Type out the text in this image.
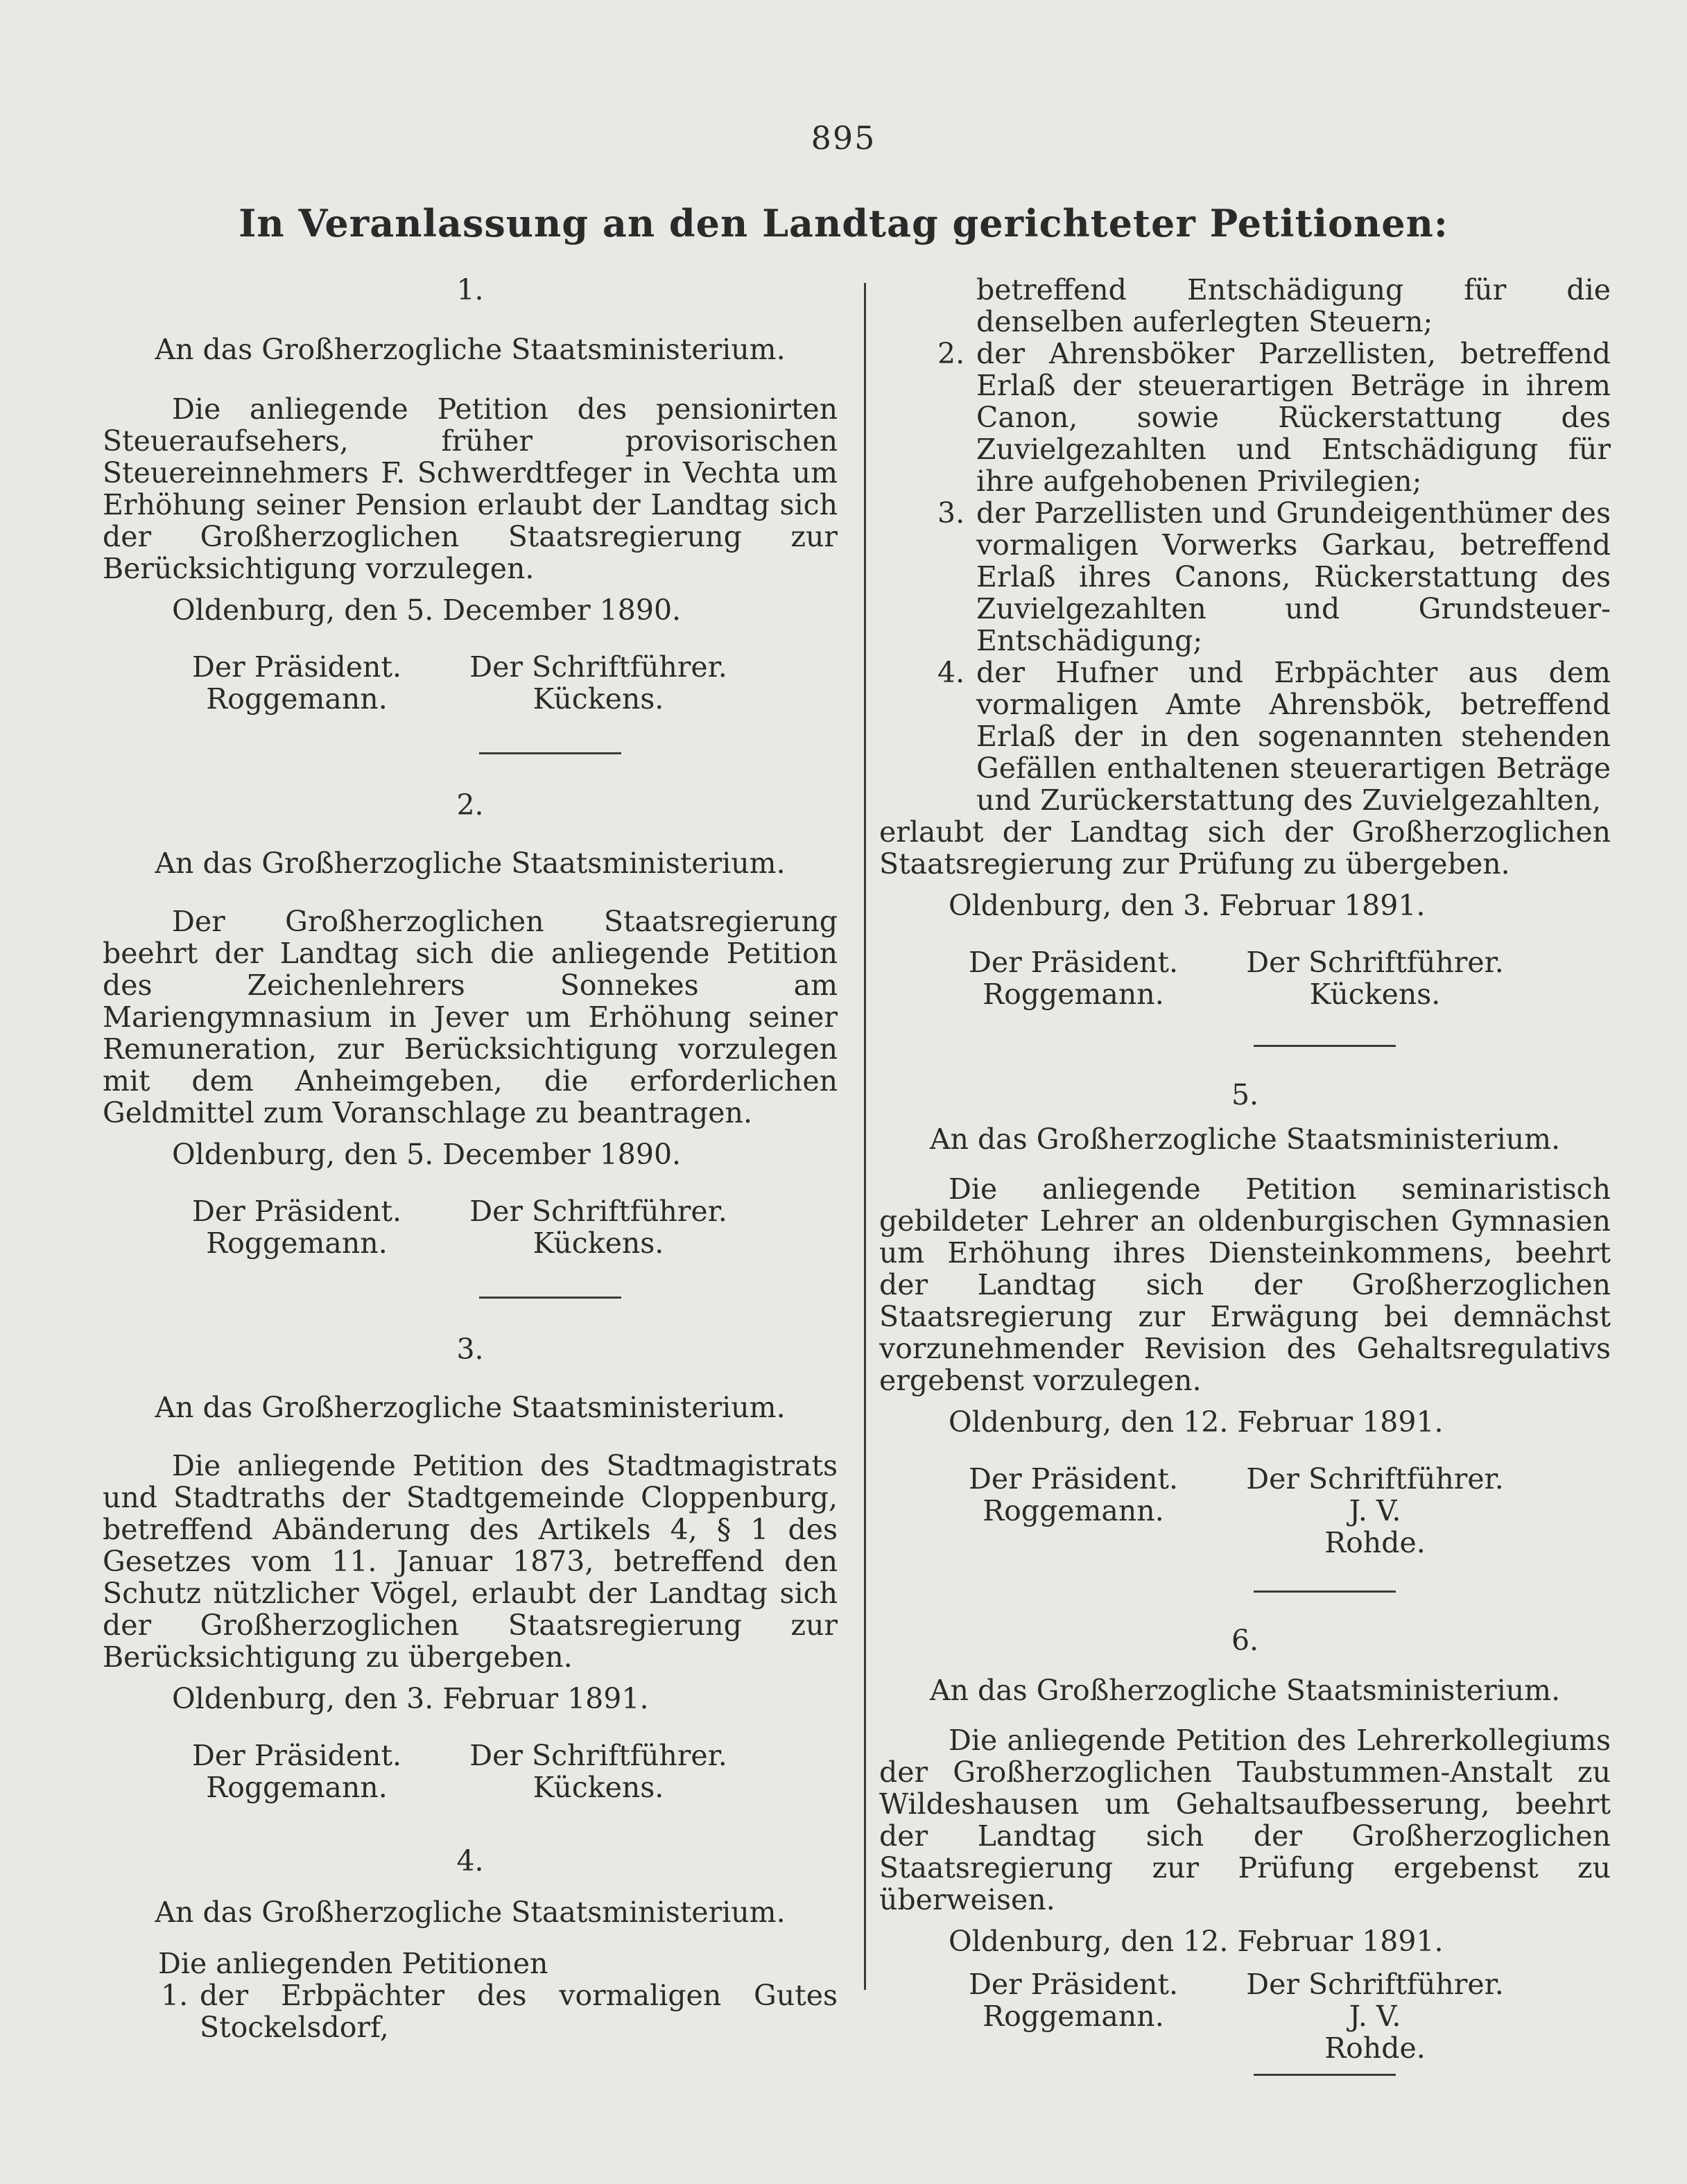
895
In Veranlassung an den Landtag gerichteter Petitionen:

1.

An das Großherzogliche Staatsministerium.

Die anliegende Petition des pensionirten Steueraufsehers, früher provisorischen Steuereinnehmers F. Schwerdtfeger in Vechta um Erhöhung seiner Pension erlaubt der Landtag sich der Großherzoglichen Staatsregierung zur Berücksichtigung vorzulegen.

Oldenburg, den 5. December 1890.

Der Präsident.
Roggemann.
Der Schriftführer.
Kückens.

2.

An das Großherzogliche Staatsministerium.

Der Großherzoglichen Staatsregierung beehrt der Landtag sich die anliegende Petition des Zeichenlehrers Sonnekes am Mariengymnasium in Jever um Erhöhung seiner Remuneration, zur Berücksichtigung vorzulegen mit dem Anheimgeben, die erforderlichen Geldmittel zum Voranschlage zu beantragen.

Oldenburg, den 5. December 1890.

Der Präsident.
Roggemann.
Der Schriftführer.
Kückens.

3.

An das Großherzogliche Staatsministerium.

Die anliegende Petition des Stadtmagistrats und Stadtraths der Stadtgemeinde Cloppenburg, betreffend Abänderung des Artikels 4, § 1 des Gesetzes vom 11. Januar 1873, betreffend den Schutz nützlicher Vögel, erlaubt der Landtag sich der Großherzoglichen Staatsregierung zur Berücksichtigung zu übergeben.

Oldenburg, den 3. Februar 1891.

Der Präsident.
Roggemann.
Der Schriftführer.
Kückens.

4.

An das Großherzogliche Staatsministerium.

Die anliegenden Petitionen

1. der Erbpächter des vormaligen Gutes Stockelsdorf,
betreffend Entschädigung für die denselben auferlegten Steuern;
2. der Ahrensböker Parzellisten, betreffend Erlaß der steuerartigen Beträge in ihrem Canon, sowie Rückerstattung des Zuvielgezahlten und Entschädigung für ihre aufgehobenen Privilegien;
3. der Parzellisten und Grundeigenthümer des vormaligen Vorwerks Garkau, betreffend Erlaß ihres Canons, Rückerstattung des Zuvielgezahlten und Grundsteuer-Entschädigung;
4. der Hufner und Erbpächter aus dem vormaligen Amte Ahrensbök, betreffend Erlaß der in den sogenannten stehenden Gefällen enthaltenen steuerartigen Beträge und Zurückerstattung des Zuvielgezahlten,

erlaubt der Landtag sich der Großherzoglichen Staatsregierung zur Prüfung zu übergeben.

Oldenburg, den 3. Februar 1891.

Der Präsident.
Roggemann.
Der Schriftführer.
Kückens.

5.

An das Großherzogliche Staatsministerium.

Die anliegende Petition seminaristisch gebildeter Lehrer an oldenburgischen Gymnasien um Erhöhung ihres Diensteinkommens, beehrt der Landtag sich der Großherzoglichen Staatsregierung zur Erwägung bei demnächst vorzunehmender Revision des Gehaltsregulativs ergebenst vorzulegen.

Oldenburg, den 12. Februar 1891.

Der Präsident.
Roggemann.
Der Schriftführer.
J. V.
Rohde.

6.

An das Großherzogliche Staatsministerium.

Die anliegende Petition des Lehrerkollegiums der Großherzoglichen Taubstummen-Anstalt zu Wildeshausen um Gehaltsaufbesserung, beehrt der Landtag sich der Großherzoglichen Staatsregierung zur Prüfung ergebenst zu überweisen.

Oldenburg, den 12. Februar 1891.

Der Präsident.
Roggemann.
Der Schriftführer.
J. V.
Rohde.
